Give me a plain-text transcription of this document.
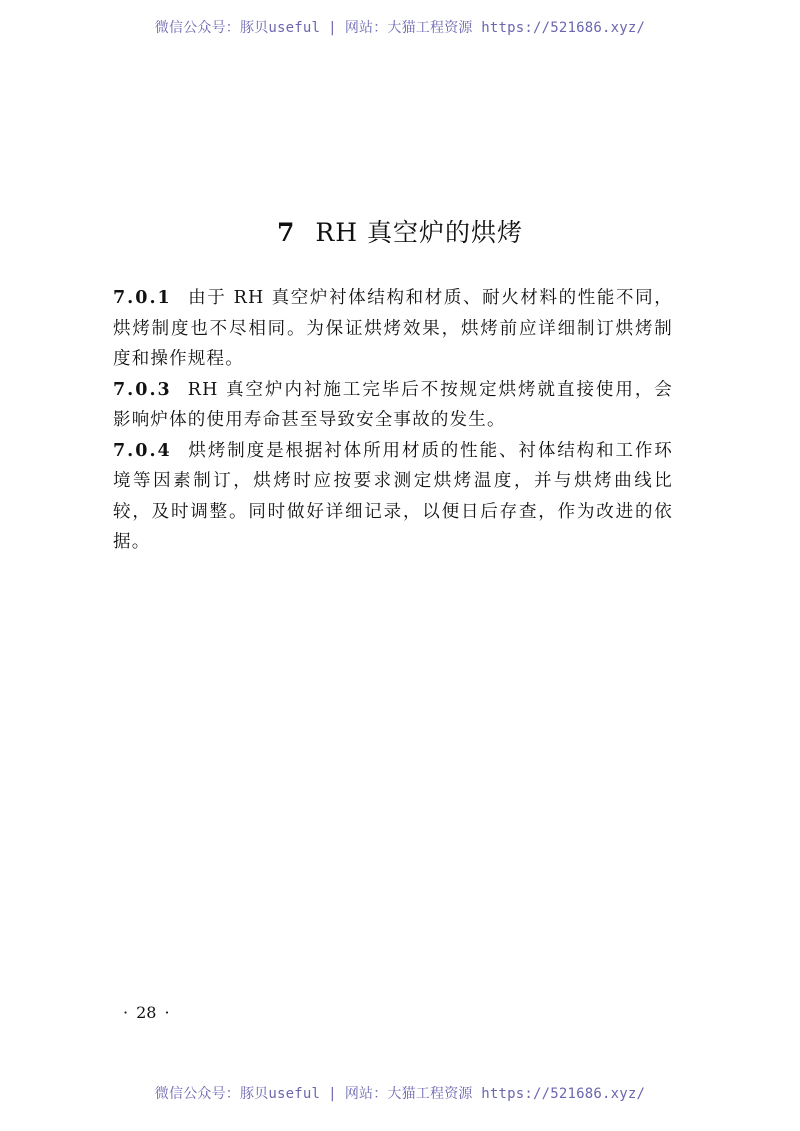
微信公众号：豚贝useful | 网站：大猫工程资源 https://521686.xyz/
7 RH 真空炉的烘烤

7.0.1 由于 RH 真空炉衬体结构和材质、耐火材料的性能不同，烘烤制度也不尽相同。为保证烘烤效果，烘烤前应详细制订烘烤制度和操作规程。

7.0.3 RH 真空炉内衬施工完毕后不按规定烘烤就直接使用，会影响炉体的使用寿命甚至导致安全事故的发生。

7.0.4 烘烤制度是根据衬体所用材质的性能、衬体结构和工作环境等因素制订，烘烤时应按要求测定烘烤温度，并与烘烤曲线比较，及时调整。同时做好详细记录，以便日后存查，作为改进的依据。

· 28 ·
微信公众号：豚贝useful | 网站：大猫工程资源 https://521686.xyz/
